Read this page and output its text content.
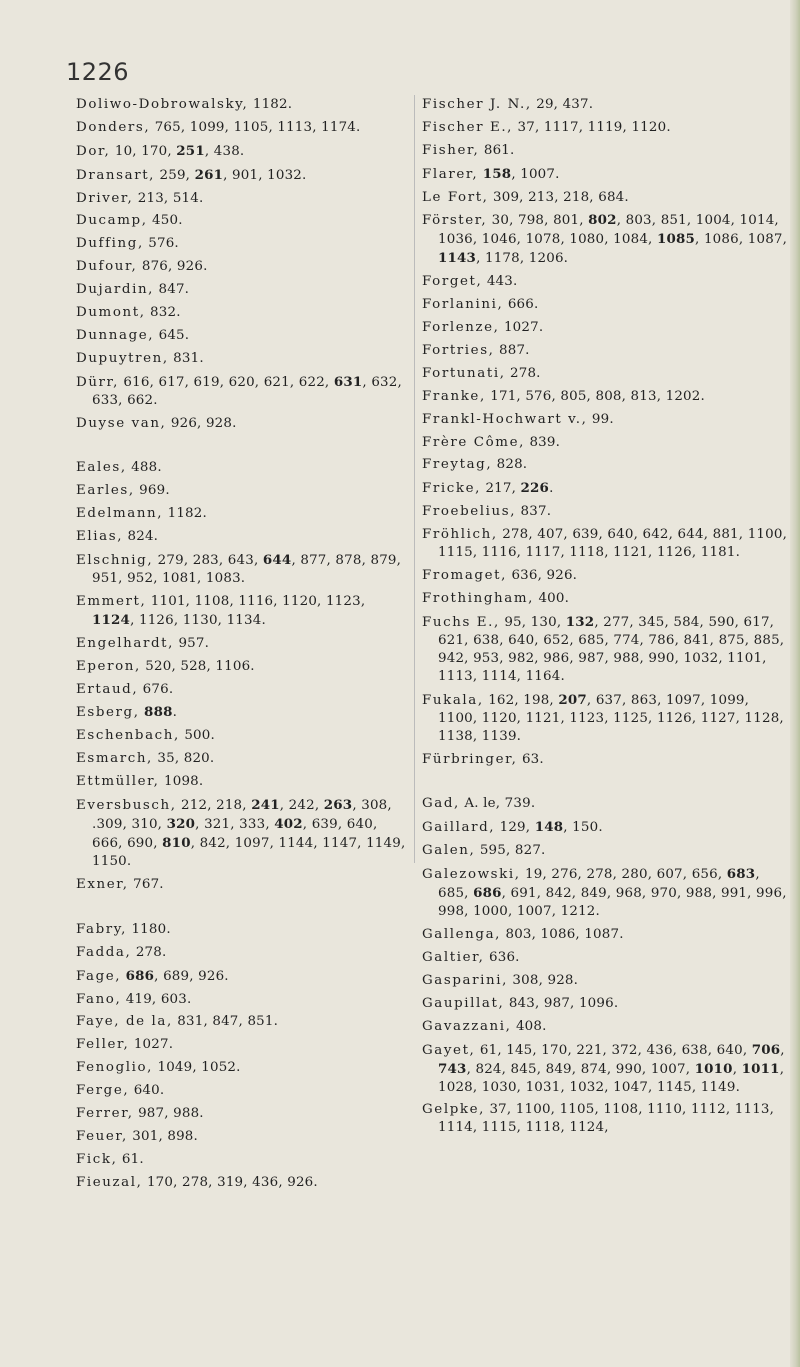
1226
Doliwo-Dobrowalsky, 1182.
Donders, 765, 1099, 1105, 1113, 1174.
Dor, 10, 170, 251, 438.
Dransart, 259, 261, 901, 1032.
Driver, 213, 514.
Ducamp, 450.
Duffing, 576.
Dufour, 876, 926.
Dujardin, 847.
Dumont, 832.
Dunnage, 645.
Dupuytren, 831.
Dürr, 616, 617, 619, 620, 621, 622, 631, 632, 633, 662.
Duyse van, 926, 928.
Eales, 488.
Earles, 969.
Edelmann, 1182.
Elias, 824.
Elschnig, 279, 283, 643, 644, 877, 878, 879, 951, 952, 1081, 1083.
Emmert, 1101, 1108, 1116, 1120, 1123, 1124, 1126, 1130, 1134.
Engelhardt, 957.
Eperon, 520, 528, 1106.
Ertaud, 676.
Esberg, 888.
Eschenbach, 500.
Esmarch, 35, 820.
Ettmüller, 1098.
Eversbusch, 212, 218, 241, 242, 263, 308, .309, 310, 320, 321, 333, 402, 639, 640, 666, 690, 810, 842, 1097, 1144, 1147, 1149, 1150.
Exner, 767.
Fabry, 1180.
Fadda, 278.
Fage, 686, 689, 926.
Fano, 419, 603.
Faye, de la, 831, 847, 851.
Feller, 1027.
Fenoglio, 1049, 1052.
Ferge, 640.
Ferrer, 987, 988.
Feuer, 301, 898.
Fick, 61.
Fieuzal, 170, 278, 319, 436, 926.
Fischer J. N., 29, 437.
Fischer E., 37, 1117, 1119, 1120.
Fisher, 861.
Flarer, 158, 1007.
Le Fort, 309, 213, 218, 684.
Förster, 30, 798, 801, 802, 803, 851, 1004, 1014, 1036, 1046, 1078, 1080, 1084, 1085, 1086, 1087, 1143, 1178, 1206.
Forget, 443.
Forlanini, 666.
Forlenze, 1027.
Fortries, 887.
Fortunati, 278.
Franke, 171, 576, 805, 808, 813, 1202.
Frankl-Hochwart v., 99.
Frère Côme, 839.
Freytag, 828.
Fricke, 217, 226.
Froebelius, 837.
Fröhlich, 278, 407, 639, 640, 642, 644, 881, 1100, 1115, 1116, 1117, 1118, 1121, 1126, 1181.
Fromaget, 636, 926.
Frothingham, 400.
Fuchs E., 95, 130, 132, 277, 345, 584, 590, 617, 621, 638, 640, 652, 685, 774, 786, 841, 875, 885, 942, 953, 982, 986, 987, 988, 990, 1032, 1101, 1113, 1114, 1164.
Fukala, 162, 198, 207, 637, 863, 1097, 1099, 1100, 1120, 1121, 1123, 1125, 1126, 1127, 1128, 1138, 1139.
Fürbringer, 63.
Gad, A. le, 739.
Gaillard, 129, 148, 150.
Galen, 595, 827.
Galezowski, 19, 276, 278, 280, 607, 656, 683, 685, 686, 691, 842, 849, 968, 970, 988, 991, 996, 998, 1000, 1007, 1212.
Gallenga, 803, 1086, 1087.
Galtier, 636.
Gasparini, 308, 928.
Gaupillat, 843, 987, 1096.
Gavazzani, 408.
Gayet, 61, 145, 170, 221, 372, 436, 638, 640, 706, 743, 824, 845, 849, 874, 990, 1007, 1010, 1011, 1028, 1030, 1031, 1032, 1047, 1145, 1149.
Gelpke, 37, 1100, 1105, 1108, 1110, 1112, 1113, 1114, 1115, 1118, 1124,
